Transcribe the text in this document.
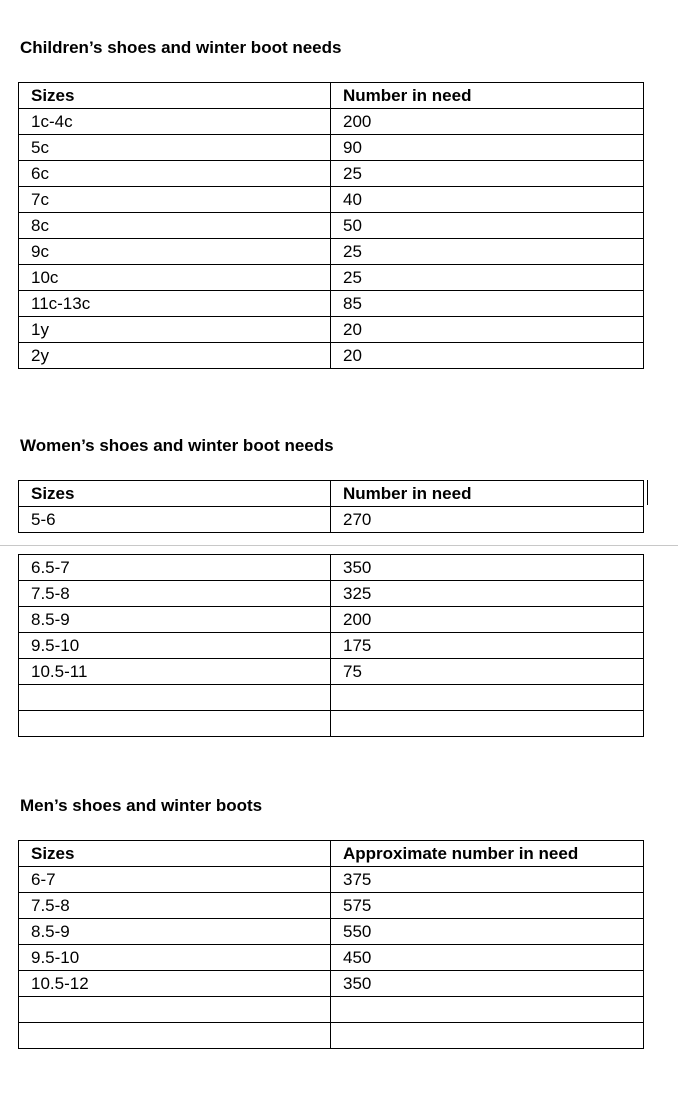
Children’s shoes and winter boot needs
Sizes	Number in need
1c-4c	200
5c	90
6c	25
7c	40
8c	50
9c	25
10c	25
11c-13c	85
1y	20
2y	20
Women’s shoes and winter boot needs
Sizes	Number in need
5-6	270
6.5-7	350
7.5-8	325
8.5-9	200
9.5-10	175
10.5-11	75

Men’s shoes and winter boots
Sizes	Approximate number in need
6-7	375
7.5-8	575
8.5-9	550
9.5-10	450
10.5-12	350
